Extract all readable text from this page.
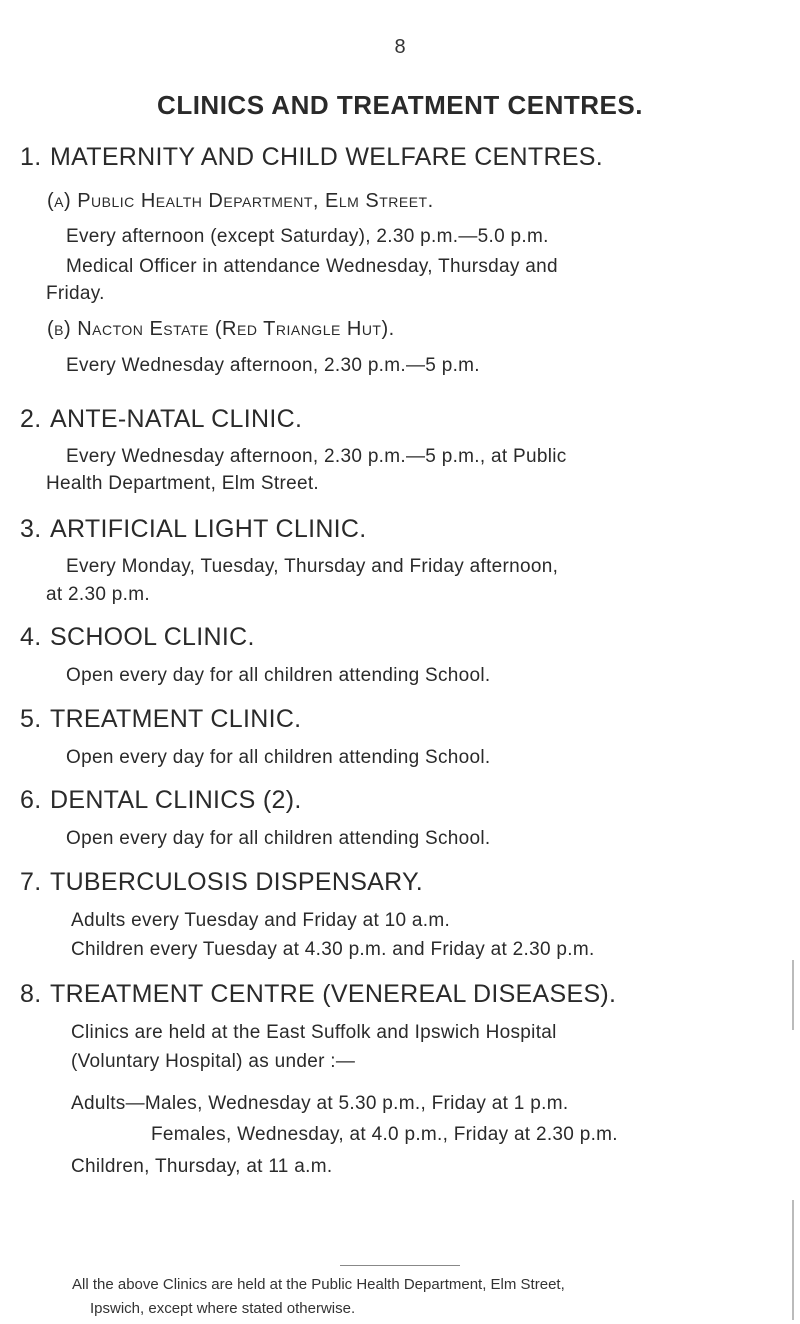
8
CLINICS AND TREATMENT CENTRES.
1. MATERNITY AND CHILD WELFARE CENTRES.
(a) Public Health Department, Elm Street.
Every afternoon (except Saturday), 2.30 p.m.—5.0 p.m.
Medical Officer in attendance Wednesday, Thursday and
Friday.
(b) Nacton Estate (Red Triangle Hut).
Every Wednesday afternoon, 2.30 p.m.—5 p.m.
2. ANTE-NATAL CLINIC.
Every Wednesday afternoon, 2.30 p.m.—5 p.m., at Public
Health Department, Elm Street.
3. ARTIFICIAL LIGHT CLINIC.
Every Monday, Tuesday, Thursday and Friday afternoon,
at 2.30 p.m.
4. SCHOOL CLINIC.
Open every day for all children attending School.
5. TREATMENT CLINIC.
Open every day for all children attending School.
6. DENTAL CLINICS (2).
Open every day for all children attending School.
7. TUBERCULOSIS DISPENSARY.
Adults every Tuesday and Friday at 10 a.m.
Children every Tuesday at 4.30 p.m. and Friday at 2.30 p.m.
8. TREATMENT CENTRE (VENEREAL DISEASES).
Clinics are held at the East Suffolk and Ipswich Hospital
(Voluntary Hospital) as under :—
Adults—Males, Wednesday at 5.30 p.m., Friday at 1 p.m.
Females, Wednesday, at 4.0 p.m., Friday at 2.30 p.m.
Children, Thursday, at 11 a.m.
All the above Clinics are held at the Public Health Department, Elm Street,
Ipswich, except where stated otherwise.
